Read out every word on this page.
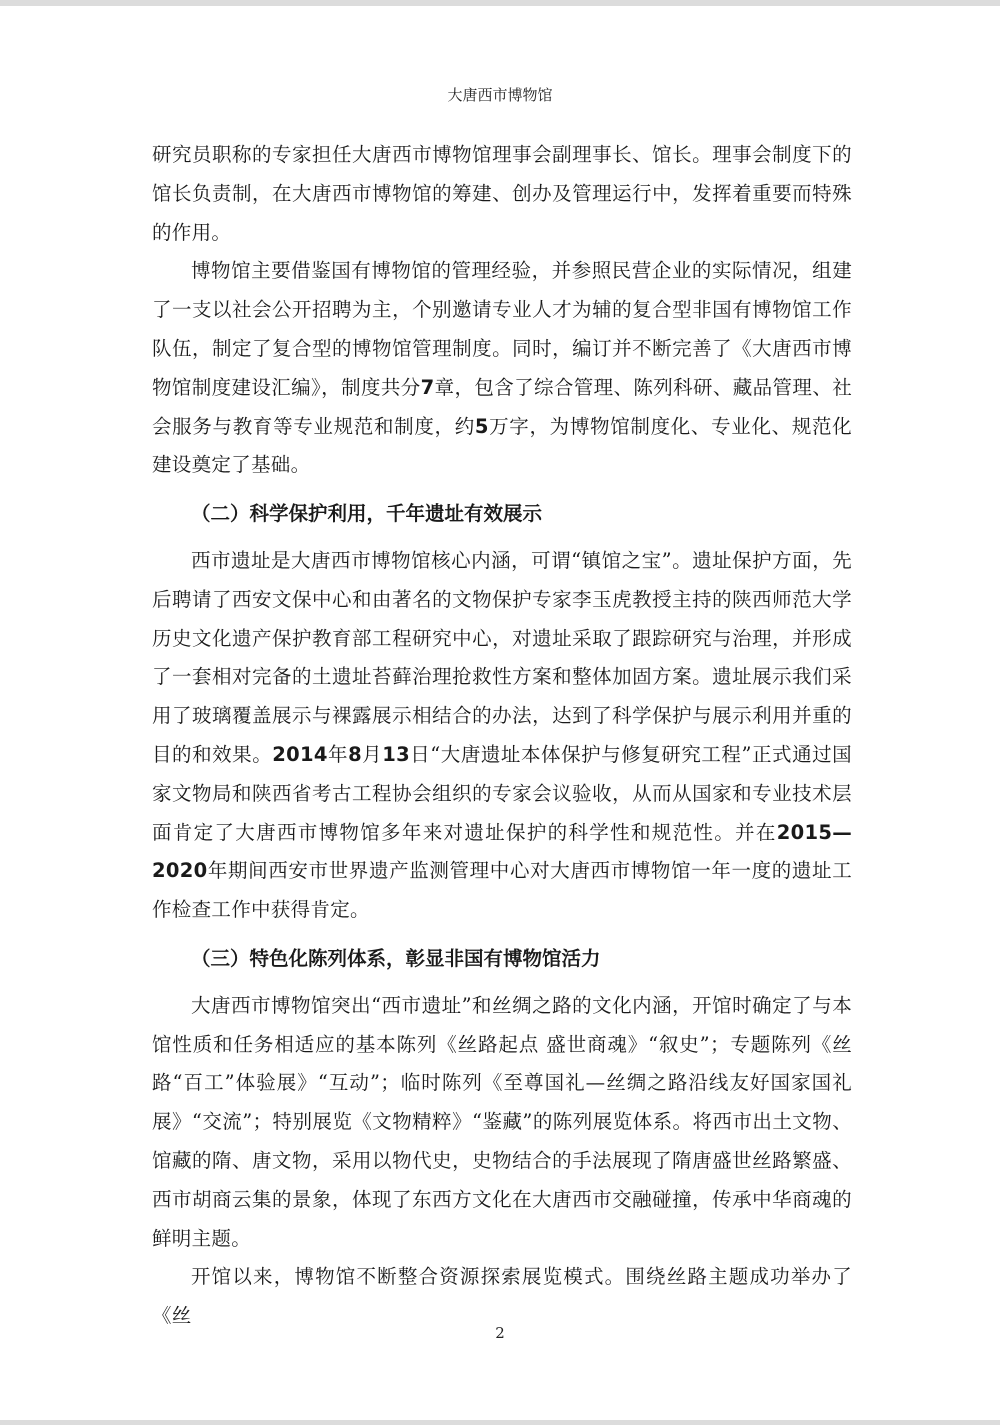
大唐西市博物馆

研究员职称的专家担任大唐西市博物馆理事会副理事长、馆长。理事会制度下的馆长负责制，在大唐西市博物馆的筹建、创办及管理运行中，发挥着重要而特殊的作用。

博物馆主要借鉴国有博物馆的管理经验，并参照民营企业的实际情况，组建了一支以社会公开招聘为主，个别邀请专业人才为辅的复合型非国有博物馆工作队伍，制定了复合型的博物馆管理制度。同时，编订并不断完善了《大唐西市博物馆制度建设汇编》，制度共分7章，包含了综合管理、陈列科研、藏品管理、社会服务与教育等专业规范和制度，约5万字，为博物馆制度化、专业化、规范化建设奠定了基础。

（二）科学保护利用，千年遗址有效展示

西市遗址是大唐西市博物馆核心内涵，可谓“镇馆之宝”。遗址保护方面，先后聘请了西安文保中心和由著名的文物保护专家李玉虎教授主持的陕西师范大学历史文化遗产保护教育部工程研究中心，对遗址采取了跟踪研究与治理，并形成了一套相对完备的土遗址苔藓治理抢救性方案和整体加固方案。遗址展示我们采用了玻璃覆盖展示与裸露展示相结合的办法，达到了科学保护与展示利用并重的目的和效果。2014年8月13日“大唐遗址本体保护与修复研究工程”正式通过国家文物局和陕西省考古工程协会组织的专家会议验收，从而从国家和专业技术层面肯定了大唐西市博物馆多年来对遗址保护的科学性和规范性。并在2015—2020年期间西安市世界遗产监测管理中心对大唐西市博物馆一年一度的遗址工作检查工作中获得肯定。

（三）特色化陈列体系，彰显非国有博物馆活力

大唐西市博物馆突出“西市遗址”和丝绸之路的文化内涵，开馆时确定了与本馆性质和任务相适应的基本陈列《丝路起点 盛世商魂》“叙史”；专题陈列《丝路“百工”体验展》“互动”；临时陈列《至尊国礼—丝绸之路沿线友好国家国礼展》“交流”；特别展览《文物精粹》“鉴藏”的陈列展览体系。将西市出土文物、馆藏的隋、唐文物，采用以物代史，史物结合的手法展现了隋唐盛世丝路繁盛、西市胡商云集的景象，体现了东西方文化在大唐西市交融碰撞，传承中华商魂的鲜明主题。

开馆以来，博物馆不断整合资源探索展览模式。围绕丝路主题成功举办了《丝

2
